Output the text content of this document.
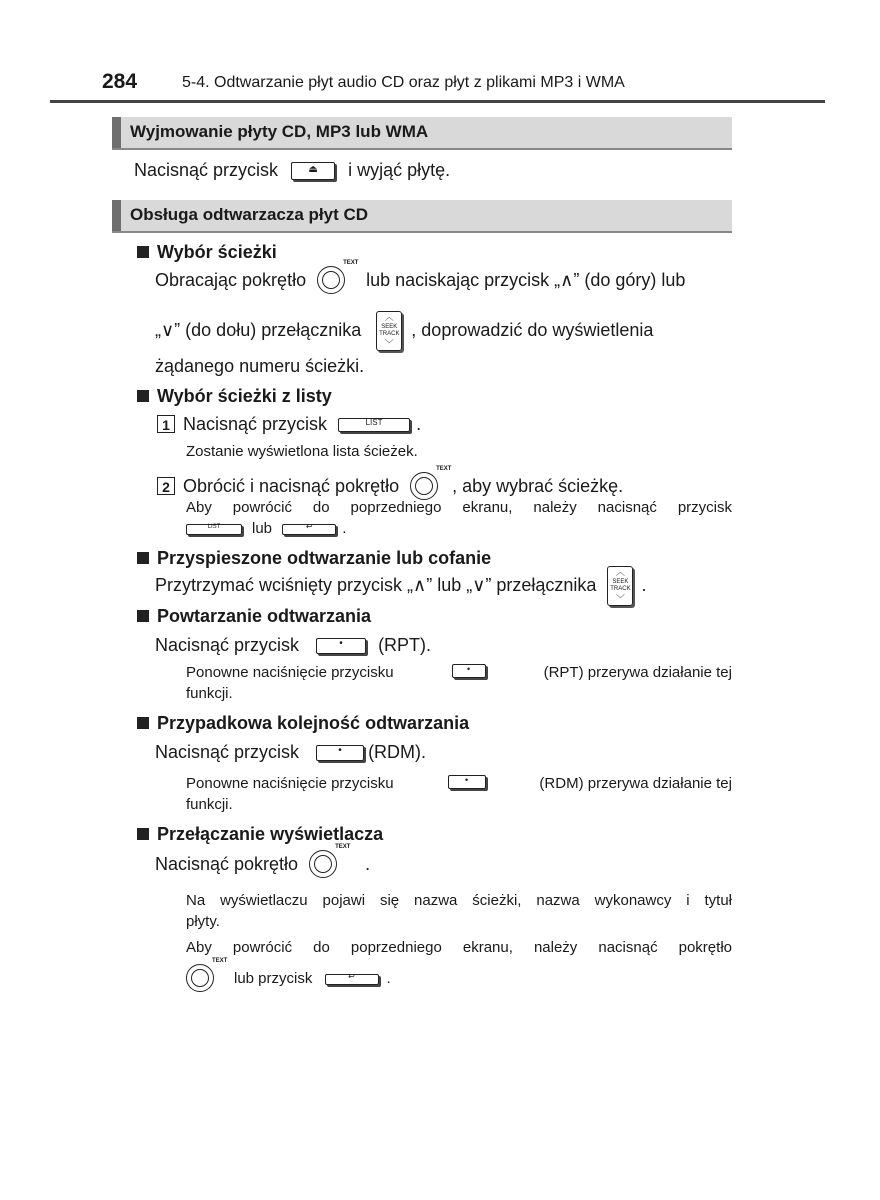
284	5-4. Odtwarzanie płyt audio CD oraz płyt z plikami MP3 i WMA
Wyjmowanie płyty CD, MP3 lub WMA
Nacisnąć przycisk	⏏	i wyjąć płytę.
Obsługa odtwarzacza płyt CD
Wybór ścieżki
Obracając pokrętło
TEXT
lub naciskając przycisk „∧” (do góry) lub
„∨” (do dołu) przełącznika
︿
SEEK
TRACK
﹀
, doprowadzić do wyświetlenia
żądanego numeru ścieżki.
Wybór ścieżki z listy
1 Nacisnąć przycisk	LIST	.
Zostanie wyświetlona lista ścieżek.
2 Obrócić i nacisnąć pokrętło
TEXT
, aby wybrać ścieżkę.
Aby powrócić do poprzedniego ekranu, należy nacisnąć przycisk
LIST	lub	↩	.
Przyspieszone odtwarzanie lub cofanie
Przytrzymać wciśnięty przycisk „∧” lub „∨” przełącznika
︿
SEEK
TRACK
﹀
.
Powtarzanie odtwarzania
Nacisnąć przycisk	•	(RPT).
Ponowne naciśnięcie przycisku	•	(RPT) przerywa działanie tej
funkcji.
Przypadkowa kolejność odtwarzania
Nacisnąć przycisk	•	(RDM).
Ponowne naciśnięcie przycisku	•	(RDM) przerywa działanie tej
funkcji.
Przełączanie wyświetlacza
Nacisnąć pokrętło
TEXT
.
Na wyświetlaczu pojawi się nazwa ścieżki, nazwa wykonawcy i tytuł
płyty.
Aby powrócić do poprzedniego ekranu, należy nacisnąć pokrętło
TEXT
lub przycisk	↩	.
